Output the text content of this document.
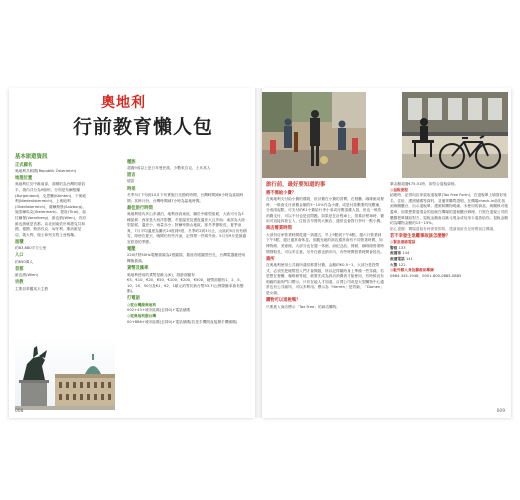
奧地利
行前教育懶人包
基本旅遊資訊
正式國名
奧地利共和國(Republik Österreich)
地理位置
奧地利位於中歐南部，面積約為台灣的兩倍半，境內共分為9個州，分別是布爾根蘭(Burgenland)、克恩騰(Kärnten)、下奧地利(Niederösterreich)、上奧地利(Oberösterreich)、薩爾斯堡(Salzburg)、施泰爾馬克(Steiermark)、提洛(Tirol)、福拉爾堡(Vorarlberg)、維也納(Wien)，首府維也納就是首都。由北到南依序與捷克共和國、德國、斯洛伐克、匈牙利、斯洛維尼亞、義大利、瑞士和列支敦士登相鄰。
面積
約83,880平方公里
人口
約850萬人
首都
維也納(Wien)
宗教
主要信奉羅馬天主教
種族
超過9成以上是日耳曼民族，少數來自克、土耳其人
語言
德語
時差
冬季3月下旬到10月下旬實施日光節約時間，台灣時間減6小時為當地時間；其餘月份，台灣時間減7小時為當地時間。
最佳旅行時間
奧地利境內多山多湖泊，地勢西高東低，屬於中歐型氣候，大致可分為3種氣候：西部是大西洋影響，冬夏溫差及晝夜溫差大且多雨；東部為大陸型氣候，溫差小，雨量亦小；阿爾卑斯山地區，寒冬季節較長，夏季涼爽，7月平均溫度為攝氏24度到9度，冬季約2到3月止，山區約5月仍有積雪，即使在夏天，晚間仍有些冷涼，記得帶一件薄外套。5月至9月是最適宜旅遊的季節。
電壓
220伏特50Hz電壓插頭為2根圓插，插座有眼圓型凹孔，台灣電器應使用轉換插頭。
貨幣及匯率
奧地利使用的貨幣是歐元(€)，紙鈔面額有€5、€10、€20、€50、€100、€200、€500，硬幣面額有1、2、5、10、20、50分及€1、€2，1歐元約等於新台幣33.7元(實際匯率會有變動)。
打電話
◎從台灣撥奧地利
002+43+城市區碼(去掉0)+電話號碼
◎從奧地利撥台灣
00+886+城市區碼(去掉0)+電話號碼(若是手機則直接撥手機號碼)
008
旅行前，最好要知道的事
需不需給小費？
在奧地利支付給小費的禮貌，但計費在小費的習慣，在餐廳、咖啡館用餐時，一般會支付消費金額的5~10%作為小費，或是付款數要的尾數補，分成兩起點，可支付約€1小費給行李小弟或房間清潔人員，但也一般依消費支付、可以不付也是沒問題。如果是在計程車上，搭乘計程車時，費用可直接四捨五入，住宿含早餐的大飯店，通常也會對行李付一點小費。
商店營業時間
大部份店家營業時間從週一到週五，早上9點到下午6點，週六只營業到下午5點，週日通常會休息。但觀光地的商店通常會有不同營業時間，如博物館、美術館，大部分也在週一休館，而紀念品、餐館、咖啡館營業時間則較長，可以多注意。另外在維也納市內，有些時間營業時間會延長。
廁所
在奧地利使用公共廁所通常都要付費，金額約€0.5~1，大部分是投幣式，必須先把硬幣投入門才會開啟，所以記得隨時身上準備一些零錢。若是想在餐廳、咖啡館等地，就要先成為該店消費者才能使用，有時候沒有明確的廁所門口標示，只有在地人才知道，百貨公司或是大型購物中心通常也有公共廁所，可以多利用。標示為「Herren」是男廁，「Damen」是女廁。
購物可以退稅嗎？
只要進入商店標示「Tax Free」的商店購物，
筆金額超過€75.01時，即符合退稅資格。
◎退稅流程
結帳時，記得向店家索取退稅單(Tax Free Form)，在退稅單上填寫好姓名、住址、護照號碼等資料，並備齊購買證明，在機場check-in前先找到海關櫃台，出示退稅單，護照和購物明細、未使用的商品，海關核可後蓋章，如果想要退現金的話就在機場的退稅櫃台辦理，只需在退稅公司的櫃檯把單據給對方，退稅金額會以歐元現金或信用卡退款給你。退稅金額約為購物金額的13~15%。
貼心提醒：機場退稅有時需要排隊，建議預留充足時間前往機場。
若不幸發生急難事故該怎麼辦？
◎緊急連絡電話
警察 133
救護車 144
救護電話 141
火警 122
◎駐外館人身急難救助專線
0664-345-1948、0001-800-0885-0885
009
